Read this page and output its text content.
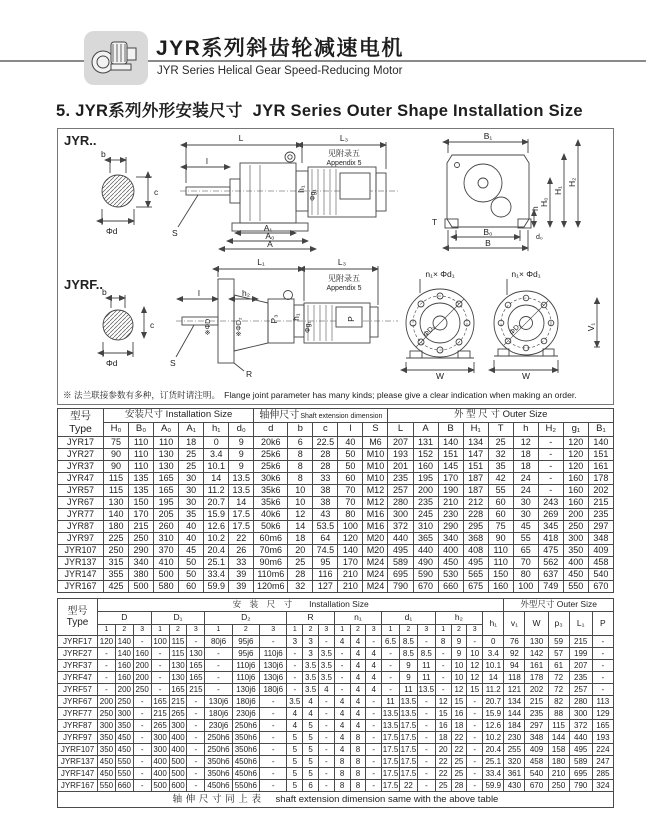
JYR系列斜齿轮减速电机
JYR Series Helical Gear Speed-Reducing Motor
5. JYR系列外形安装尺寸 JYR Series Outer Shape Installation Size
JYR..
b
c
Φd
L	L₃
见附录五
Appendix 5
l
h₁
Φg₁
S	A₁
A₀
A
B₁
T
B₀
B
h
d₀
H₀
H₁
H₂
JYRF..
b
c
Φd
L₁	L₃
见附录五
Appendix 5
l	h₂
※ΦD	※ΦD₂	P₃ h₁
Φg₁
P
S
R
n₁× Φd₁
ΦD₁
W
n₁× Φd₁
ΦD₁
W
V₁
※ 法兰联接参数有多种，订货时请注明。 Flange joint parameter has many kinds; please give a clear indication when making an order.
型号
Type	安装尺寸 Installation Size						轴伸尺寸Shaft extension dimension					外 型 尺 寸 Outer Size								
	H₀	B₀	A₀	A₁	h₁	d₀	d	b	c	l	S	L	A	B	H₁	T	h	H₂	g₁	B₁
JYR17	75	110	110	18	0	9	20k6	6	22.5	40	M6	207	131	140	134	25	12	-	120	140
JYR27	90	110	130	25	3.4	9	25k6	8	28	50	M10	193	152	151	147	32	18	-	120	151
JYR37	90	110	130	25	10.1	9	25k6	8	28	50	M10	201	160	145	151	35	18	-	120	161
JYR47	115	135	165	30	14	13.5	30k6	8	33	60	M10	235	195	170	187	42	24	-	160	178
JYR57	115	135	165	30	11.2	13.5	35k6	10	38	70	M12	257	200	190	187	55	24	-	160	202
JYR67	130	150	195	30	20.7	14	35k6	10	38	70	M12	280	235	210	212	60	30	243	160	215
JYR77	140	170	205	35	15.9	17.5	40k6	12	43	80	M16	300	245	230	228	60	30	269	200	235
JYR87	180	215	260	40	12.6	17.5	50k6	14	53.5	100	M16	372	310	290	295	75	45	345	250	297
JYR97	225	250	310	40	10.2	22	60m6	18	64	120	M20	440	365	340	368	90	55	418	300	348
JYR107	250	290	370	45	20.4	26	70m6	20	74.5	140	M20	495	440	400	408	110	65	475	350	409
JYR137	315	340	410	50	25.1	33	90m6	25	95	170	M24	589	490	450	495	110	70	562	400	458
JYR147	355	380	500	50	33.4	39	110m6	28	116	210	M24	695	590	530	565	150	80	637	450	540
JYR167	425	500	580	60	59.9	39	120m6	32	127	210	M24	790	670	660	675	160	100	749	550	670
型号
Type	安　装　尺　寸　　Installation Size																						外型尺寸 Outer Size				
	D			D₁			D₂			R			n₁			d₁			h₂			h₁	v₁	W	p₃	L₁	P
	1	2	3	1	2	3	1	2	3	1	2	3	1	2	3	1	2	3	1	2	3						
JYRF17	120	140	-	100	115	-	80j6	95j6	-	3	3	-	4	4	-	6.5	8.5	-	8	9	-	0	76	130	59	215	-
JYRF27	-	140	160	-	115	130	-	95j6	110j6	-	3	3.5	-	4	4	-	8.5	8.5	-	9	10	3.4	92	142	57	199	-
JYRF37	-	160	200	-	130	165	-	110j6	130j6	-	3.5	3.5	-	4	4	-	9	11	-	10	12	10.1	94	161	61	207	-
JYRF47	-	160	200	-	130	165	-	110j6	130j6	-	3.5	3.5	-	4	4	-	9	11	-	10	12	14	118	178	72	235	-
JYRF57	-	200	250	-	165	215	-	130j6	180j6	-	3.5	4	-	4	4	-	11	13.5	-	12	15	11.2	121	202	72	257	-
JYRF67	200	250	-	165	215	-	130j6	180j6	-	3.5	4	-	4	4	-	11	13.5	-	12	15	-	20.7	134	215	82	280	113
JYRF77	250	300	-	215	265	-	180j6	230j6	-	4	4	-	4	4	-	13.5	13.5	-	15	16	-	15.9	144	235	88	300	129
JYRF87	300	350	-	265	300	-	230j6	250h6	-	4	5	-	4	4	-	13.5	17.5	-	16	18	-	12.6	184	297	115	372	165
JYRF97	350	450	-	300	400	-	250h6	350h6	-	5	5	-	4	8	-	17.5	17.5	-	18	22	-	10.2	230	348	144	440	193
JYRF107	350	450	-	300	400	-	250h6	350h6	-	5	5	-	4	8	-	17.5	17.5	-	20	22	-	20.4	255	409	158	495	224
JYRF137	450	550	-	400	500	-	350h6	450h6	-	5	5	-	8	8	-	17.5	17.5	-	22	25	-	25.1	320	458	180	589	247
JYRF147	450	550	-	400	500	-	350h6	450h6	-	5	5	-	8	8	-	17.5	17.5	-	22	25	-	33.4	361	540	210	695	285
JYRF167	550	660	-	500	600	-	450h6	550h6	-	5	6	-	8	8	-	17.5	22	-	25	28	-	59.9	430	670	250	790	324
轴 伸 尺 寸 同 上 表 shaft extension dimension same with the above table																											
